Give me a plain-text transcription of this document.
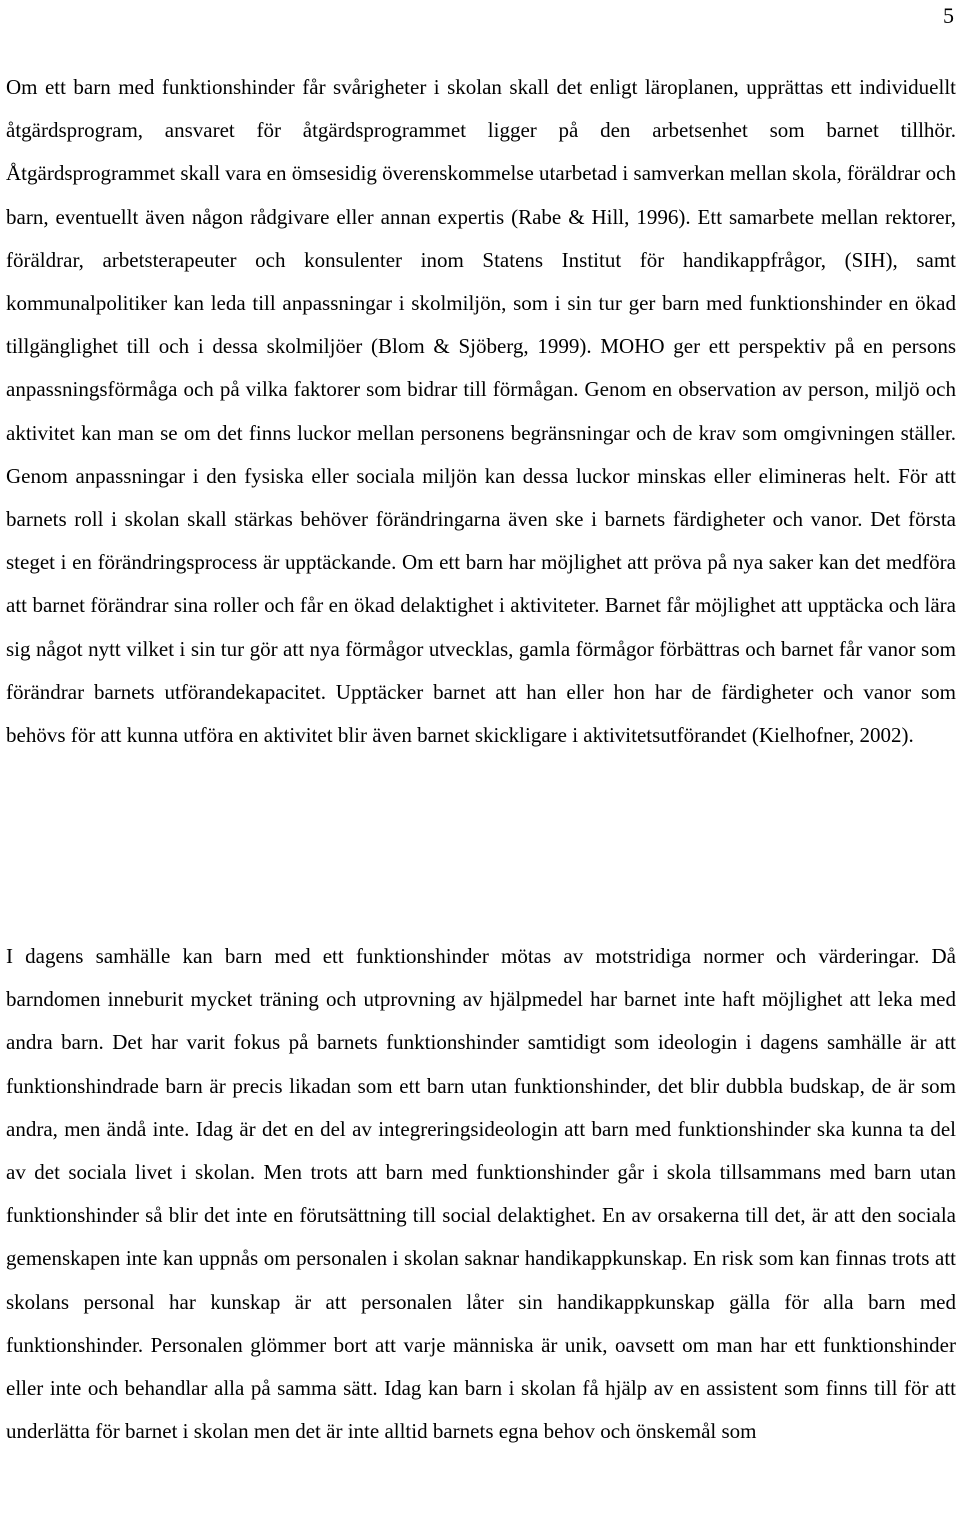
5

Om ett barn med funktionshinder får svårigheter i skolan skall det enligt läroplanen, upprättas ett individuellt åtgärdsprogram, ansvaret för åtgärdsprogrammet ligger på den arbetsenhet som barnet tillhör. Åtgärdsprogrammet skall vara en ömsesidig överenskommelse utarbetad i samverkan mellan skola, föräldrar och barn, eventuellt även någon rådgivare eller annan expertis (Rabe & Hill, 1996). Ett samarbete mellan rektorer, föräldrar, arbetsterapeuter och konsulenter inom Statens Institut för handikappfrågor, (SIH), samt kommunalpolitiker kan leda till anpassningar i skolmiljön, som i sin tur ger barn med funktionshinder en ökad tillgänglighet till och i dessa skolmiljöer (Blom & Sjöberg, 1999). MOHO ger ett perspektiv på en persons anpassningsförmåga och på vilka faktorer som bidrar till förmågan. Genom en observation av person, miljö och aktivitet kan man se om det finns luckor mellan personens begränsningar och de krav som omgivningen ställer. Genom anpassningar i den fysiska eller sociala miljön kan dessa luckor minskas eller elimineras helt. För att barnets roll i skolan skall stärkas behöver förändringarna även ske i barnets färdigheter och vanor. Det första steget i en förändringsprocess är upptäckande. Om ett barn har möjlighet att pröva på nya saker kan det medföra att barnet förändrar sina roller och får en ökad delaktighet i aktiviteter. Barnet får möjlighet att upptäcka och lära sig något nytt vilket i sin tur gör att nya förmågor utvecklas, gamla förmågor förbättras och barnet får vanor som förändrar barnets utförandekapacitet. Upptäcker barnet att han eller hon har de färdigheter och vanor som behövs för att kunna utföra en aktivitet blir även barnet skickligare i aktivitetsutförandet (Kielhofner, 2002).

I dagens samhälle kan barn med ett funktionshinder mötas av motstridiga normer och värderingar. Då barndomen inneburit mycket träning och utprovning av hjälpmedel har barnet inte haft möjlighet att leka med andra barn. Det har varit fokus på barnets funktionshinder samtidigt som ideologin i dagens samhälle är att funktionshindrade barn är precis likadan som ett barn utan funktionshinder, det blir dubbla budskap, de är som andra, men ändå inte. Idag är det en del av integreringsideologin att barn med funktionshinder ska kunna ta del av det sociala livet i skolan. Men trots att barn med funktionshinder går i skola tillsammans med barn utan funktionshinder så blir det inte en förutsättning till social delaktighet. En av orsakerna till det, är att den sociala gemenskapen inte kan uppnås om personalen i skolan saknar handikappkunskap. En risk som kan finnas trots att skolans personal har kunskap är att personalen låter sin handikappkunskap gälla för alla barn med funktionshinder. Personalen glömmer bort att varje människa är unik, oavsett om man har ett funktionshinder eller inte och behandlar alla på samma sätt. Idag kan barn i skolan få hjälp av en assistent som finns till för att underlätta för barnet i skolan men det är inte alltid barnets egna behov och önskemål som
